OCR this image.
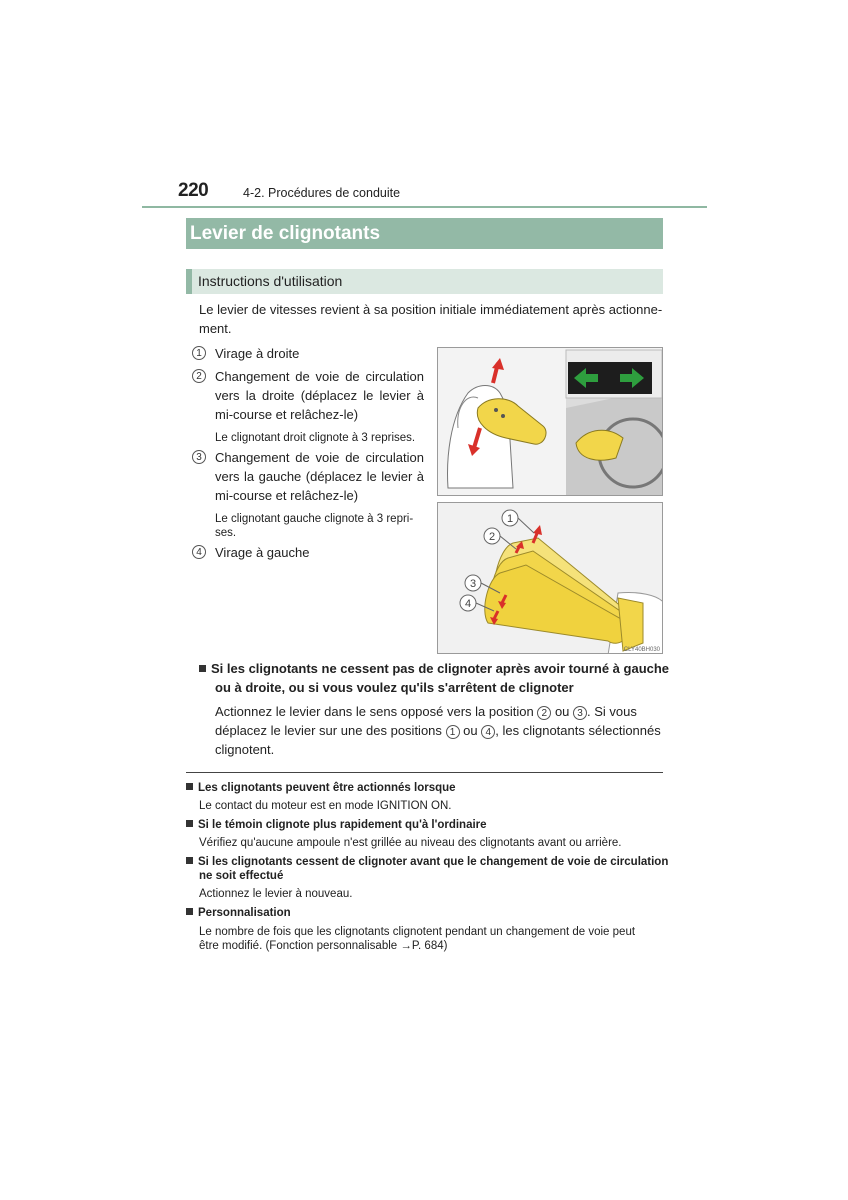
220	4-2. Procédures de conduite
Levier de clignotants
Instructions d'utilisation
Le levier de vitesses revient à sa position initiale immédiatement après actionne-
ment.
1	Virage à droite
2	Changement de voie de circulation
vers la droite (déplacez le levier à
mi-course et relâchez-le)
Le clignotant droit clignote à 3 reprises.
3	Changement de voie de circulation
vers la gauche (déplacez le levier à
mi-course et relâchez-le)
Le clignotant gauche clignote à 3 repri-
ses.
4	Virage à gauche
1
2
3
4
CLY40BH030
Si les clignotants ne cessent pas de clignoter après avoir tourné à gauche
ou à droite, ou si vous voulez qu'ils s'arrêtent de clignoter
Actionnez le levier dans le sens opposé vers la position 2 ou 3 . Si vous
déplacez le levier sur une des positions 1 ou 4 , les clignotants sélectionnés
clignotent.
Les clignotants peuvent être actionnés lorsque
Le contact du moteur est en mode IGNITION ON.
Si le témoin clignote plus rapidement qu'à l'ordinaire
Vérifiez qu'aucune ampoule n'est grillée au niveau des clignotants avant ou arrière.
Si les clignotants cessent de clignoter avant que le changement de voie de circulation
ne soit effectué
Actionnez le levier à nouveau.
Personnalisation
Le nombre de fois que les clignotants clignotent pendant un changement de voie peut
être modifié. (Fonction personnalisable →P. 684)
